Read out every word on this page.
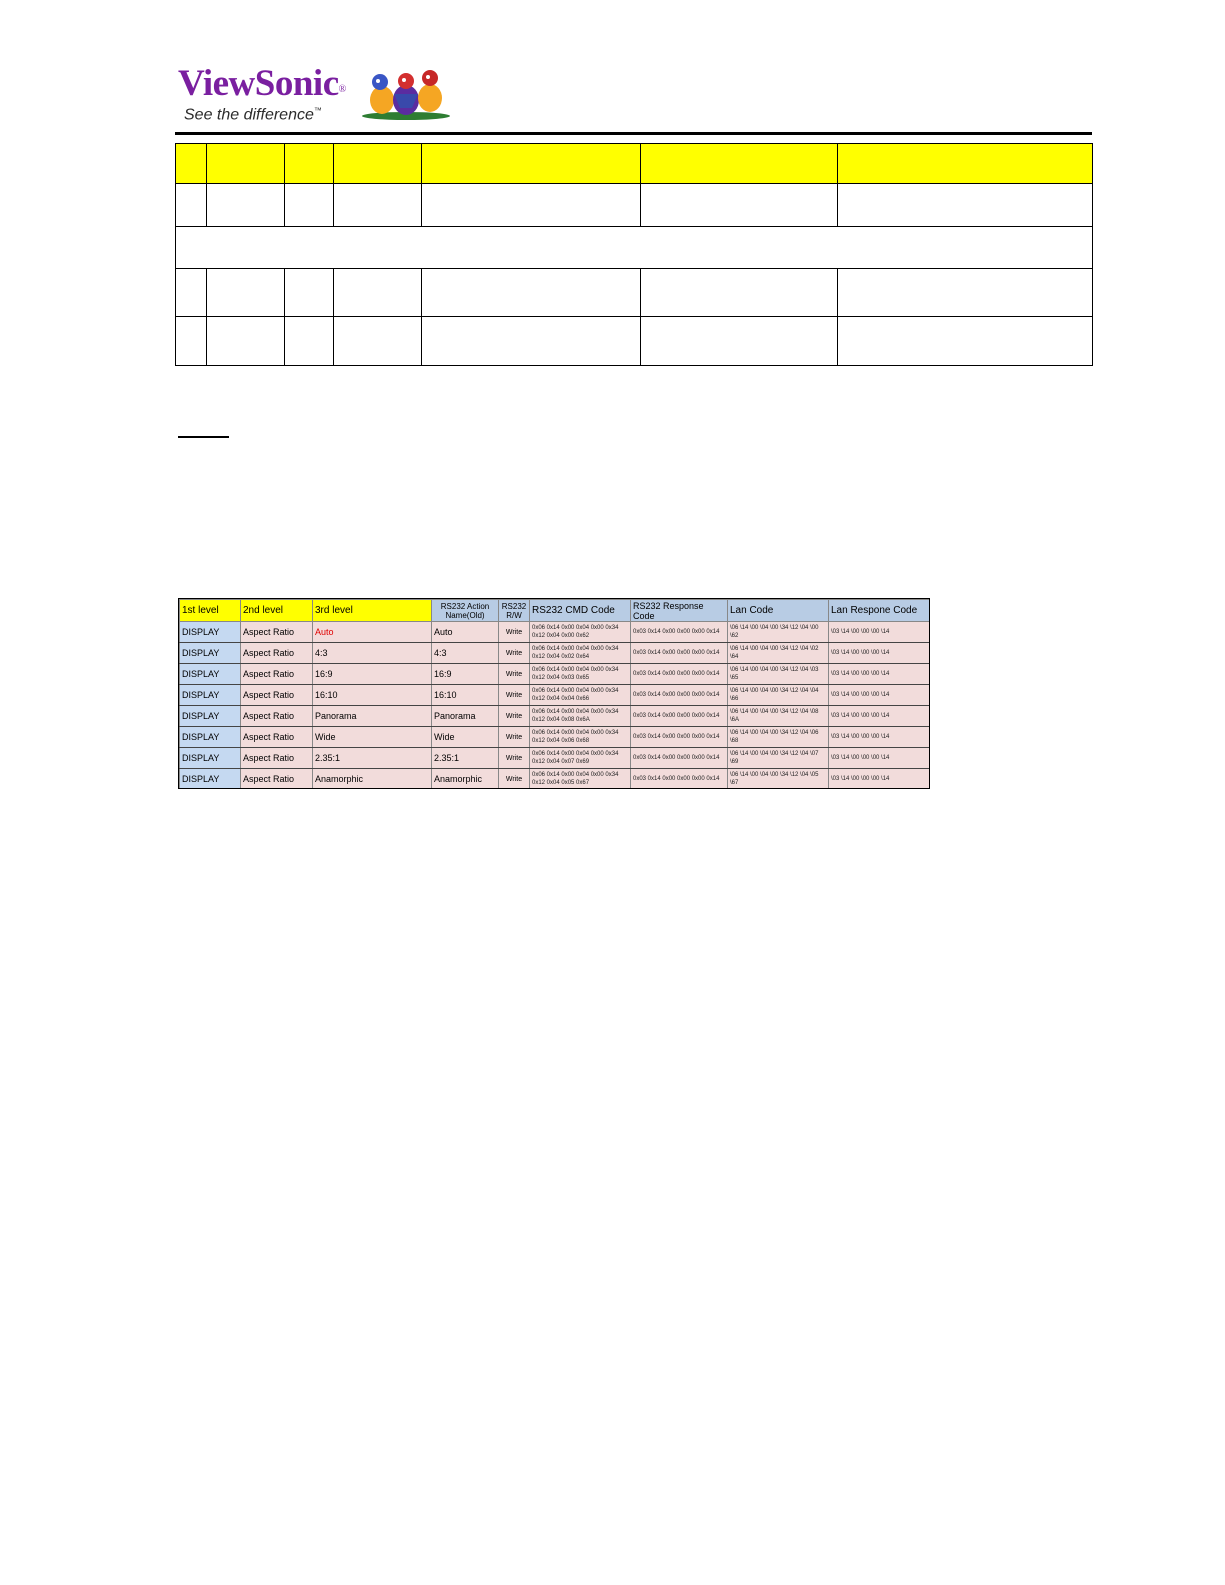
ViewSonic®
See the difference™

1st level	2nd level	3rd level	RS232 Action Name(Old)	RS232 R/W	RS232 CMD Code	RS232 Response Code	Lan Code	Lan Respone Code
DISPLAY	Aspect Ratio	Auto	Auto	Write	0x06 0x14 0x00 0x04 0x00 0x34 0x12 0x04 0x00 0x62	0x03 0x14 0x00 0x00 0x00 0x14	\06 \14 \00 \04 \00 \34 \12 \04 \00 \62	\03 \14 \00 \00 \00 \14
DISPLAY	Aspect Ratio	4:3	4:3	Write	0x06 0x14 0x00 0x04 0x00 0x34 0x12 0x04 0x02 0x64	0x03 0x14 0x00 0x00 0x00 0x14	\06 \14 \00 \04 \00 \34 \12 \04 \02 \64	\03 \14 \00 \00 \00 \14
DISPLAY	Aspect Ratio	16:9	16:9	Write	0x06 0x14 0x00 0x04 0x00 0x34 0x12 0x04 0x03 0x65	0x03 0x14 0x00 0x00 0x00 0x14	\06 \14 \00 \04 \00 \34 \12 \04 \03 \65	\03 \14 \00 \00 \00 \14
DISPLAY	Aspect Ratio	16:10	16:10	Write	0x06 0x14 0x00 0x04 0x00 0x34 0x12 0x04 0x04 0x66	0x03 0x14 0x00 0x00 0x00 0x14	\06 \14 \00 \04 \00 \34 \12 \04 \04 \66	\03 \14 \00 \00 \00 \14
DISPLAY	Aspect Ratio	Panorama	Panorama	Write	0x06 0x14 0x00 0x04 0x00 0x34 0x12 0x04 0x08 0x6A	0x03 0x14 0x00 0x00 0x00 0x14	\06 \14 \00 \04 \00 \34 \12 \04 \08 \6A	\03 \14 \00 \00 \00 \14
DISPLAY	Aspect Ratio	Wide	Wide	Write	0x06 0x14 0x00 0x04 0x00 0x34 0x12 0x04 0x06 0x68	0x03 0x14 0x00 0x00 0x00 0x14	\06 \14 \00 \04 \00 \34 \12 \04 \06 \68	\03 \14 \00 \00 \00 \14
DISPLAY	Aspect Ratio	2.35:1	2.35:1	Write	0x06 0x14 0x00 0x04 0x00 0x34 0x12 0x04 0x07 0x69	0x03 0x14 0x00 0x00 0x00 0x14	\06 \14 \00 \04 \00 \34 \12 \04 \07 \69	\03 \14 \00 \00 \00 \14
DISPLAY	Aspect Ratio	Anamorphic	Anamorphic	Write	0x06 0x14 0x00 0x04 0x00 0x34 0x12 0x04 0x05 0x67	0x03 0x14 0x00 0x00 0x00 0x14	\06 \14 \00 \04 \00 \34 \12 \04 \05 \67	\03 \14 \00 \00 \00 \14
